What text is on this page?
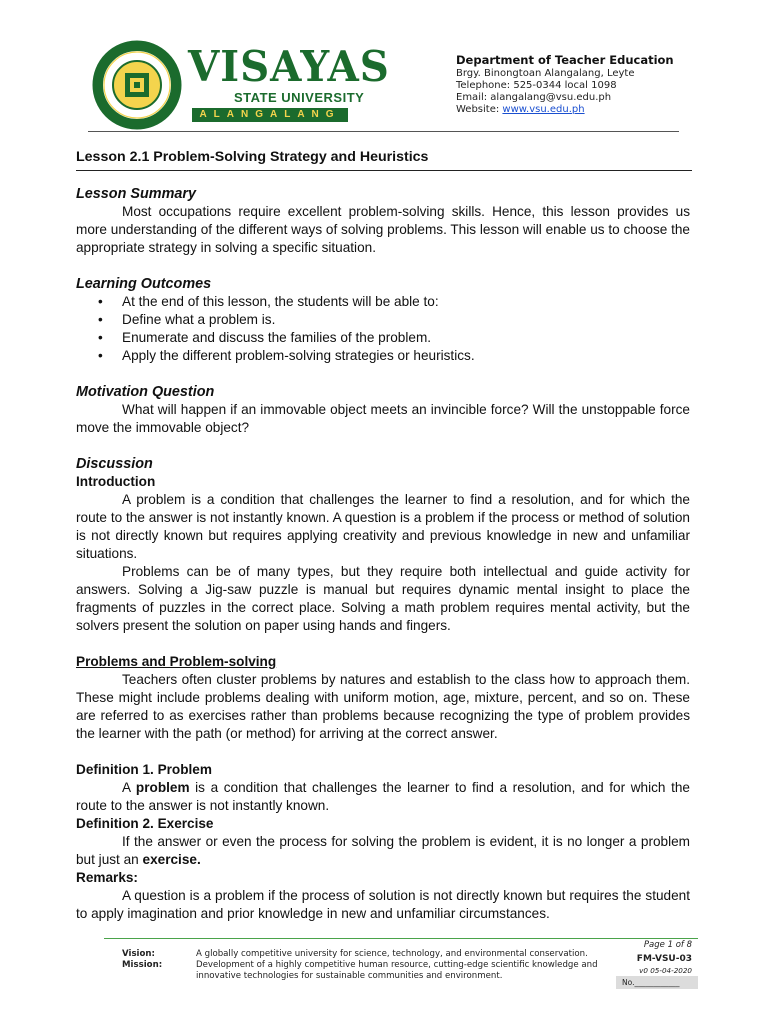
VISAYAS
STATE UNIVERSITY
ALANGALANG
Department of Teacher Education
Brgy. Binongtoan Alangalang, Leyte
Telephone: 525-0344 local 1098
Email: alangalang@vsu.edu.ph
Website: www.vsu.edu.ph
Lesson 2.1 Problem-Solving Strategy and Heuristics
Lesson Summary

Most occupations require excellent problem-solving skills. Hence, this lesson provides us more understanding of the different ways of solving problems. This lesson will enable us to choose the appropriate strategy in solving a specific situation.

Learning Outcomes
• At the end of this lesson, the students will be able to:
• Define what a problem is.
• Enumerate and discuss the families of the problem.
• Apply the different problem-solving strategies or heuristics.
Motivation Question

What will happen if an immovable object meets an invincible force? Will the unstoppable force move the immovable object?

Discussion
Introduction

A problem is a condition that challenges the learner to find a resolution, and for which the route to the answer is not instantly known. A question is a problem if the process or method of solution is not directly known but requires applying creativity and previous knowledge in new and unfamiliar situations.

Problems can be of many types, but they require both intellectual and guide activity for answers. Solving a Jig-saw puzzle is manual but requires dynamic mental insight to place the fragments of puzzles in the correct place. Solving a math problem requires mental activity, but the solvers present the solution on paper using hands and fingers.

Problems and Problem-solving

Teachers often cluster problems by natures and establish to the class how to approach them. These might include problems dealing with uniform motion, age, mixture, percent, and so on. These are referred to as exercises rather than problems because recognizing the type of problem provides the learner with the path (or method) for arriving at the correct answer.

Definition 1. Problem

A problem is a condition that challenges the learner to find a resolution, and for which the route to the answer is not instantly known.

Definition 2. Exercise

If the answer or even the process for solving the problem is evident, it is no longer a problem but just an exercise.

Remarks:

A question is a problem if the process of solution is not directly known but requires the student to apply imagination and prior knowledge in new and unfamiliar circumstances.

Vision:
Mission:
A globally competitive university for science, technology, and environmental conservation.
Development of a highly competitive human resource, cutting-edge scientific knowledge and innovative technologies for sustainable communities and environment.
Page 1 of 8
FM-VSU-03
v0 05-04-2020
No.____________
